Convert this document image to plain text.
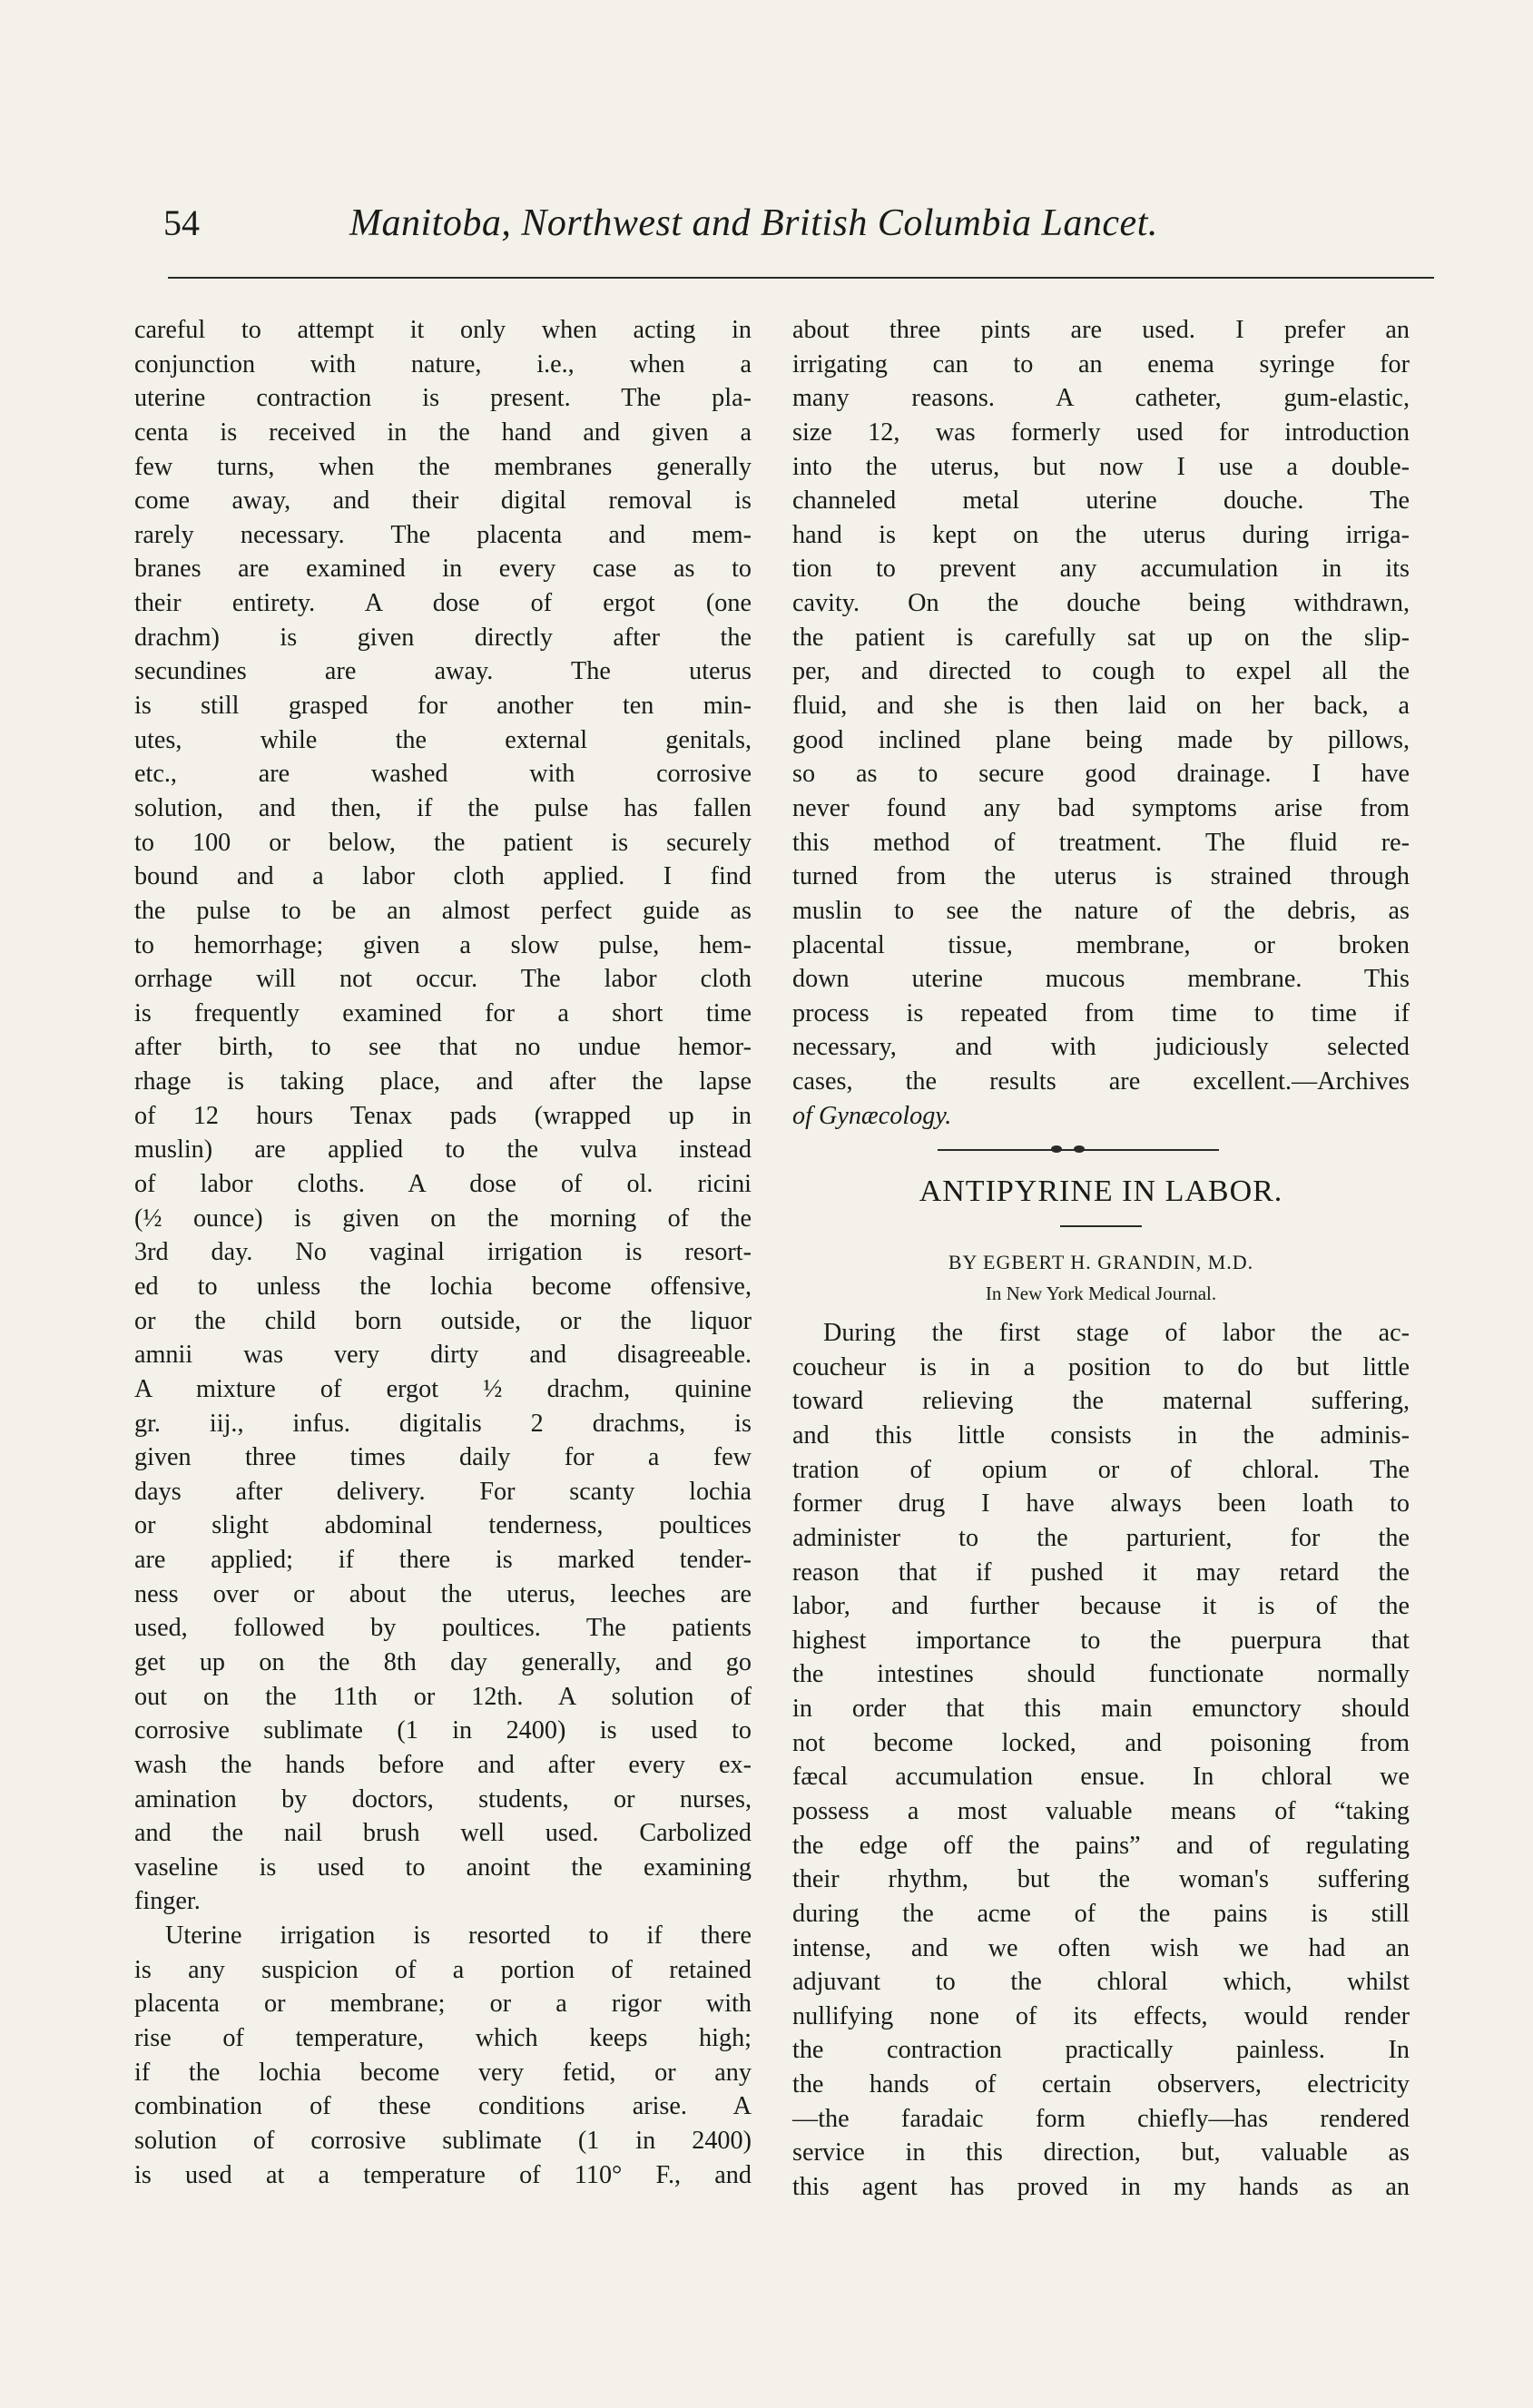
54	Manitoba, Northwest and British Columbia Lancet.
careful to attempt it only when acting in
conjunction with nature, i.e., when a
uterine contraction is present. The pla-
centa is received in the hand and given a
few turns, when the membranes generally
come away, and their digital removal is
rarely necessary. The placenta and mem-
branes are examined in every case as to
their entirety. A dose of ergot (one
drachm) is given directly after the
secundines are away. The uterus
is still grasped for another ten min-
utes, while the external genitals,
etc., are washed with corrosive
solution, and then, if the pulse has fallen
to 100 or below, the patient is securely
bound and a labor cloth applied. I find
the pulse to be an almost perfect guide as
to hemorrhage; given a slow pulse, hem-
orrhage will not occur. The labor cloth
is frequently examined for a short time
after birth, to see that no undue hemor-
rhage is taking place, and after the lapse
of 12 hours Tenax pads (wrapped up in
muslin) are applied to the vulva instead
of labor cloths. A dose of ol. ricini
(½ ounce) is given on the morning of the
3rd day. No vaginal irrigation is resort-
ed to unless the lochia become offensive,
or the child born outside, or the liquor
amnii was very dirty and disagreeable.
A mixture of ergot ½ drachm, quinine
gr. iij., infus. digitalis 2 drachms, is
given three times daily for a few
days after delivery. For scanty lochia
or slight abdominal tenderness, poultices
are applied; if there is marked tender-
ness over or about the uterus, leeches are
used, followed by poultices. The patients
get up on the 8th day generally, and go
out on the 11th or 12th. A solution of
corrosive sublimate (1 in 2400) is used to
wash the hands before and after every ex-
amination by doctors, students, or nurses,
and the nail brush well used. Carbolized
vaseline is used to anoint the examining
finger.
Uterine irrigation is resorted to if there
is any suspicion of a portion of retained
placenta or membrane; or a rigor with
rise of temperature, which keeps high;
if the lochia become very fetid, or any
combination of these conditions arise. A
solution of corrosive sublimate (1 in 2400)
is used at a temperature of 110° F., and
about three pints are used. I prefer an
irrigating can to an enema syringe for
many reasons. A catheter, gum-elastic,
size 12, was formerly used for introduction
into the uterus, but now I use a double-
channeled metal uterine douche. The
hand is kept on the uterus during irriga-
tion to prevent any accumulation in its
cavity. On the douche being withdrawn,
the patient is carefully sat up on the slip-
per, and directed to cough to expel all the
fluid, and she is then laid on her back, a
good inclined plane being made by pillows,
so as to secure good drainage. I have
never found any bad symptoms arise from
this method of treatment. The fluid re-
turned from the uterus is strained through
muslin to see the nature of the debris, as
placental tissue, membrane, or broken
down uterine mucous membrane. This
process is repeated from time to time if
necessary, and with judiciously selected
cases, the results are excellent.—Archives
of Gynæcology.
ANTIPYRINE IN LABOR.
BY EGBERT H. GRANDIN, M.D.
In New York Medical Journal.
During the first stage of labor the ac-
coucheur is in a position to do but little
toward relieving the maternal suffering,
and this little consists in the adminis-
tration of opium or of chloral. The
former drug I have always been loath to
administer to the parturient, for the
reason that if pushed it may retard the
labor, and further because it is of the
highest importance to the puerpura that
the intestines should functionate normally
in order that this main emunctory should
not become locked, and poisoning from
fæcal accumulation ensue. In chloral we
possess a most valuable means of “taking
the edge off the pains” and of regulating
their rhythm, but the woman's suffering
during the acme of the pains is still
intense, and we often wish we had an
adjuvant to the chloral which, whilst
nullifying none of its effects, would render
the contraction practically painless. In
the hands of certain observers, electricity
—the faradaic form chiefly—has rendered
service in this direction, but, valuable as
this agent has proved in my hands as an
